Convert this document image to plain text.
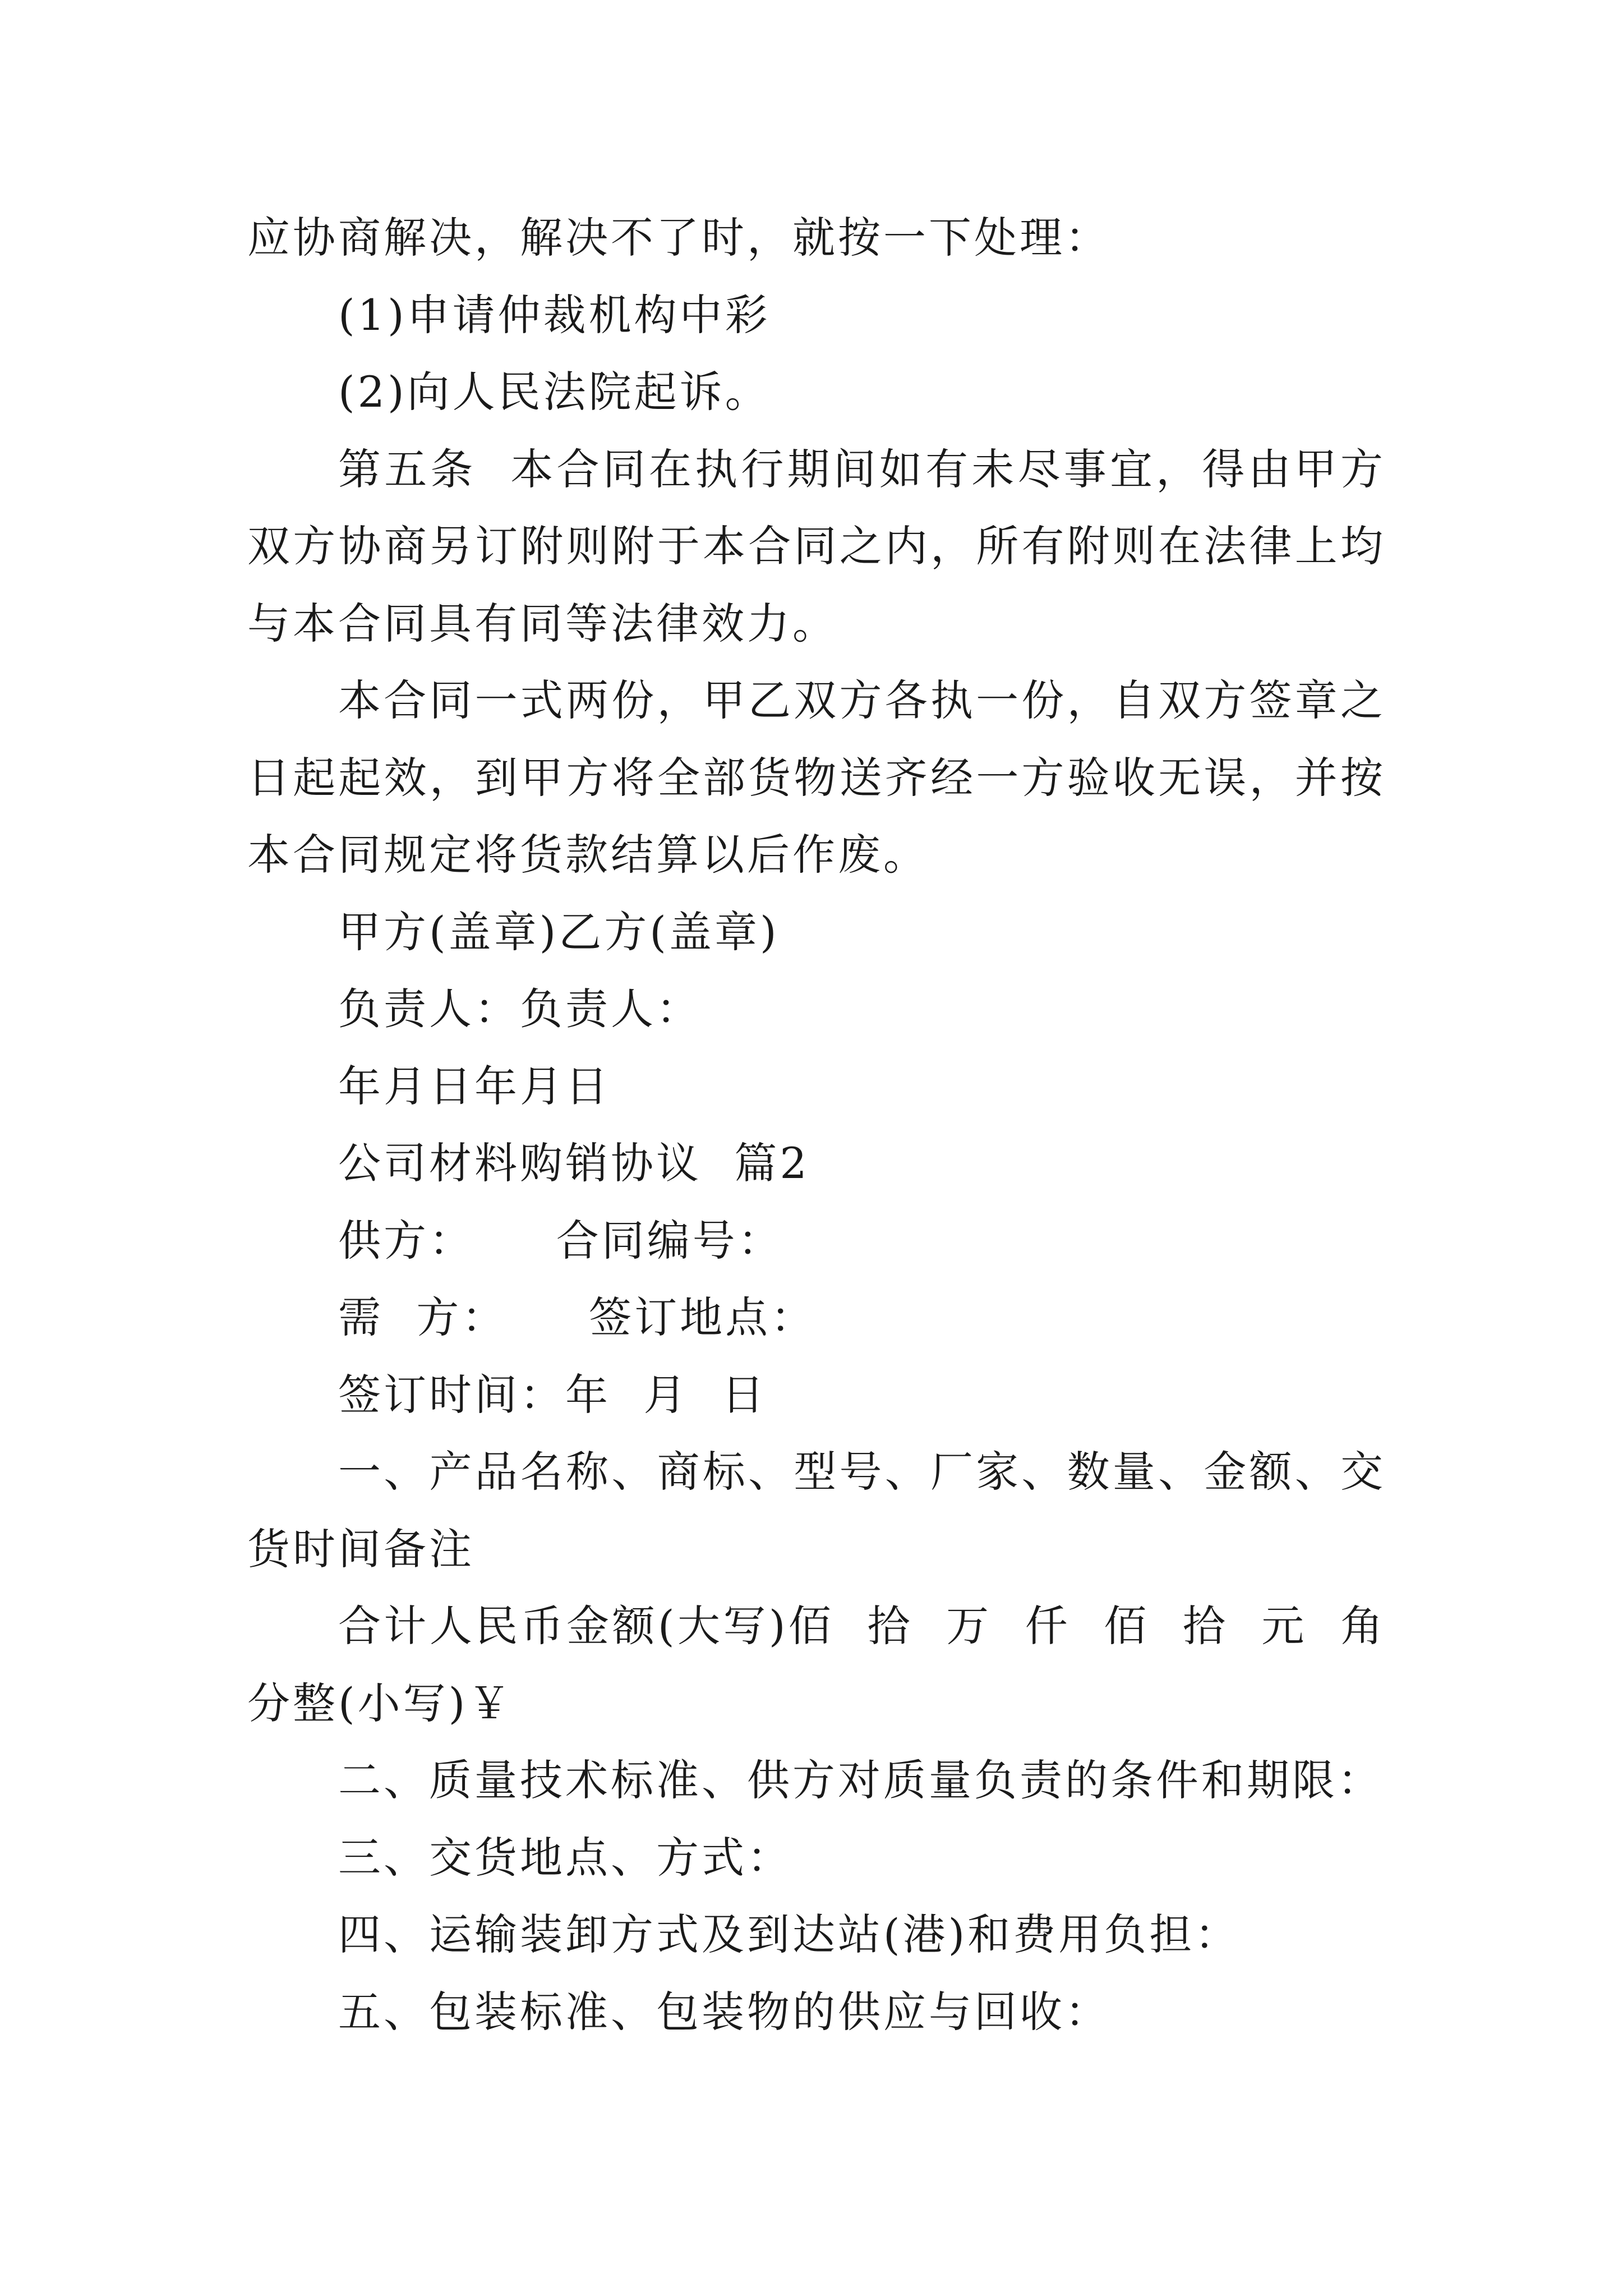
应协商解决，解决不了时，就按一下处理：

(1)申请仲裁机构中彩

(2)向人民法院起诉。

第五条  本合同在执行期间如有未尽事宜，得由甲方双方协商另订附则附于本合同之内，所有附则在法律上均与本合同具有同等法律效力。

本合同一式两份，甲乙双方各执一份，自双方签章之日起起效，到甲方将全部货物送齐经一方验收无误，并按本合同规定将货款结算以后作废。

甲方(盖章)乙方(盖章)

负责人：负责人：

年月日年月日

公司材料购销协议  篇2

供方：     合同编号：

需  方：     签订地点：

签订时间：年  月  日

一、产品名称、商标、型号、厂家、数量、金额、交货时间备注

合计人民币金额(大写)佰  拾  万  仟  佰  拾  元  角  分整(小写)￥

二、质量技术标准、供方对质量负责的条件和期限：

三、交货地点、方式：

四、运输装卸方式及到达站(港)和费用负担：

五、包装标准、包装物的供应与回收：
